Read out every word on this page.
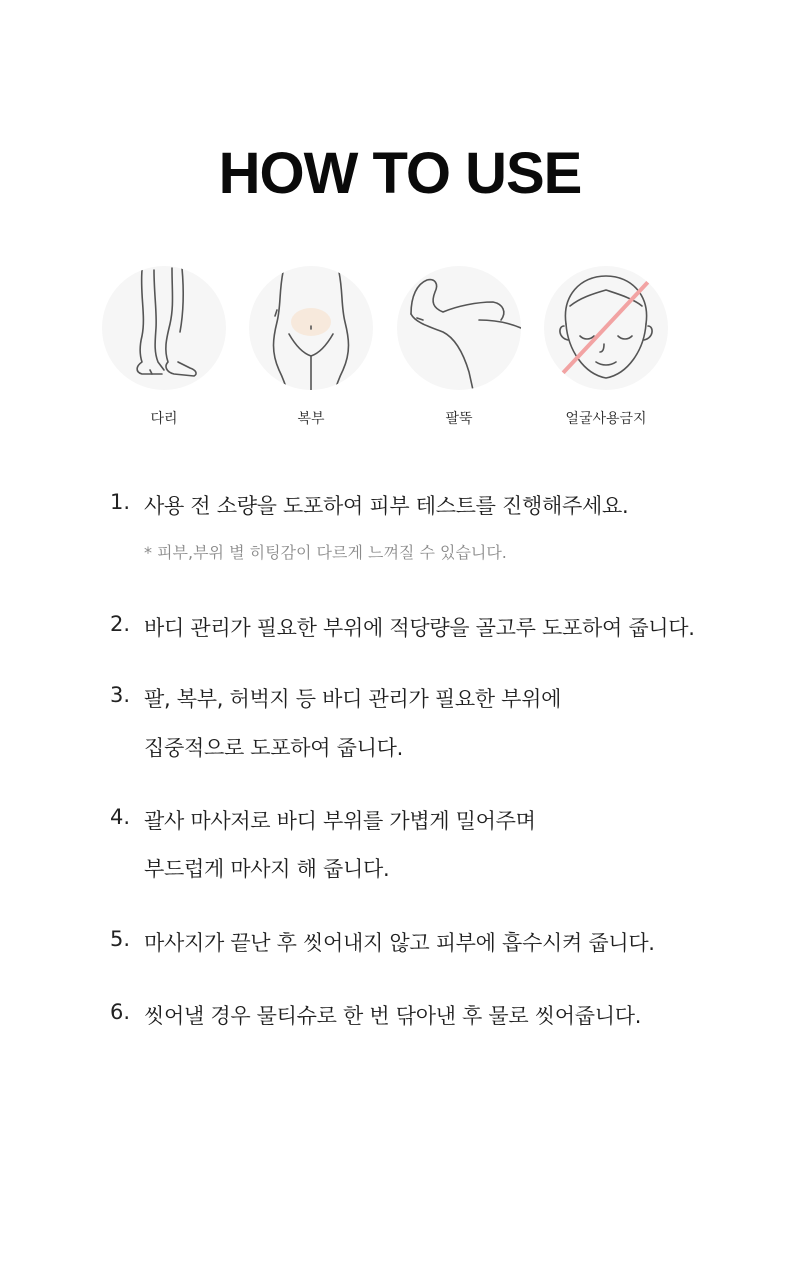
HOW TO USE
다리	복부	팔뚝	얼굴사용금지
1. 사용 전 소량을 도포하여 피부 테스트를 진행해주세요.
* 피부,부위 별 히팅감이 다르게 느껴질 수 있습니다.
2. 바디 관리가 필요한 부위에 적당량을 골고루 도포하여 줍니다.
3. 팔, 복부, 허벅지 등 바디 관리가 필요한 부위에
집중적으로 도포하여 줍니다.
4. 괄사 마사저로 바디 부위를 가볍게 밀어주며
부드럽게 마사지 해 줍니다.
5. 마사지가 끝난 후 씻어내지 않고 피부에 흡수시켜 줍니다.
6. 씻어낼 경우 물티슈로 한 번 닦아낸 후 물로 씻어줍니다.
